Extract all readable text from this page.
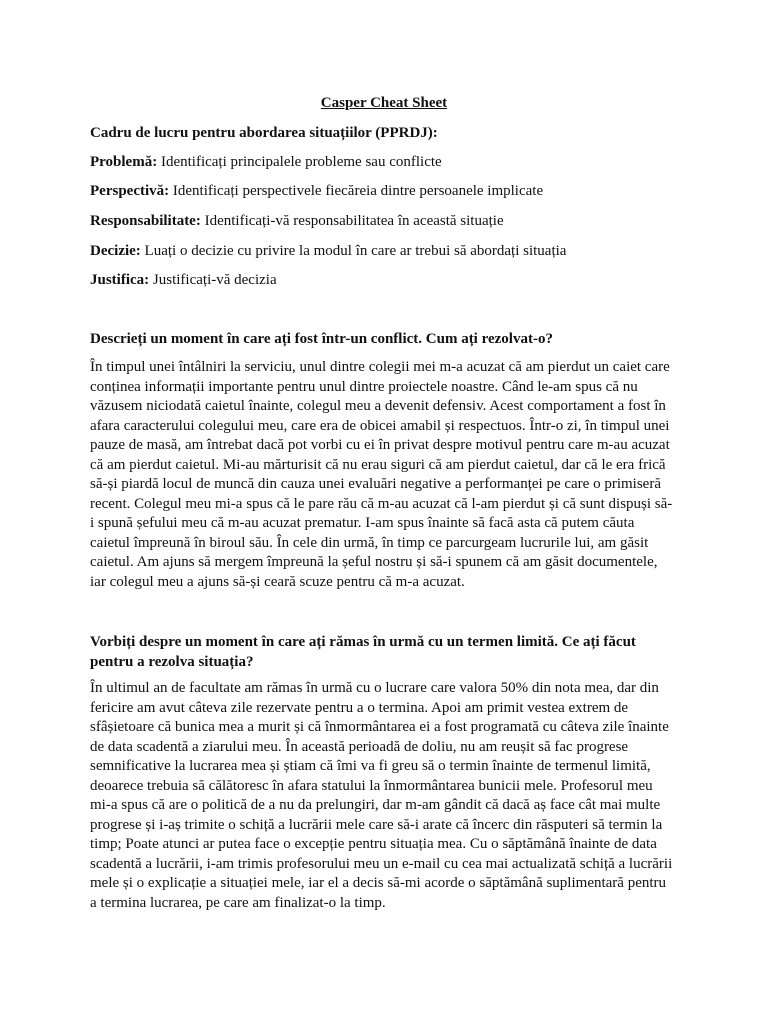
Casper Cheat Sheet
Cadru de lucru pentru abordarea situațiilor (PPRDJ):
Problemă: Identificați principalele probleme sau conflicte
Perspectivă: Identificați perspectivele fiecăreia dintre persoanele implicate
Responsabilitate: Identificați-vă responsabilitatea în această situație
Decizie: Luați o decizie cu privire la modul în care ar trebui să abordați situația
Justifica: Justificați-vă decizia
Descrieți un moment în care ați fost într-un conflict. Cum ați rezolvat-o?
În timpul unei întâlniri la serviciu, unul dintre colegii mei m-a acuzat că am pierdut un caiet care
conținea informații importante pentru unul dintre proiectele noastre. Când le-am spus că nu
văzusem niciodată caietul înainte, colegul meu a devenit defensiv. Acest comportament a fost în
afara caracterului colegului meu, care era de obicei amabil și respectuos. Într-o zi, în timpul unei
pauze de masă, am întrebat dacă pot vorbi cu ei în privat despre motivul pentru care m-au acuzat
că am pierdut caietul. Mi-au mărturisit că nu erau siguri că am pierdut caietul, dar că le era frică
să-și piardă locul de muncă din cauza unei evaluări negative a performanței pe care o primiseră
recent. Colegul meu mi-a spus că le pare rău că m-au acuzat că l-am pierdut și că sunt dispuși să-
i spună șefului meu că m-au acuzat prematur. I-am spus înainte să facă asta că putem căuta
caietul împreună în biroul său. În cele din urmă, în timp ce parcurgeam lucrurile lui, am găsit
caietul. Am ajuns să mergem împreună la șeful nostru și să-i spunem că am găsit documentele,
iar colegul meu a ajuns să-și ceară scuze pentru că m-a acuzat.
Vorbiți despre un moment în care ați rămas în urmă cu un termen limită. Ce ați făcut
pentru a rezolva situația?
În ultimul an de facultate am rămas în urmă cu o lucrare care valora 50% din nota mea, dar din
fericire am avut câteva zile rezervate pentru a o termina. Apoi am primit vestea extrem de
sfâșietoare că bunica mea a murit și că înmormântarea ei a fost programată cu câteva zile înainte
de data scadentă a ziarului meu. În această perioadă de doliu, nu am reușit să fac progrese
semnificative la lucrarea mea și știam că îmi va fi greu să o termin înainte de termenul limită,
deoarece trebuia să călătoresc în afara statului la înmormântarea bunicii mele. Profesorul meu
mi-a spus că are o politică de a nu da prelungiri, dar m-am gândit că dacă aș face cât mai multe
progrese și i-aș trimite o schiță a lucrării mele care să-i arate că încerc din răsputeri să termin la
timp; Poate atunci ar putea face o excepție pentru situația mea. Cu o săptămână înainte de data
scadentă a lucrării, i-am trimis profesorului meu un e-mail cu cea mai actualizată schiță a lucrării
mele și o explicație a situației mele, iar el a decis să-mi acorde o săptămână suplimentară pentru
a termina lucrarea, pe care am finalizat-o la timp.
